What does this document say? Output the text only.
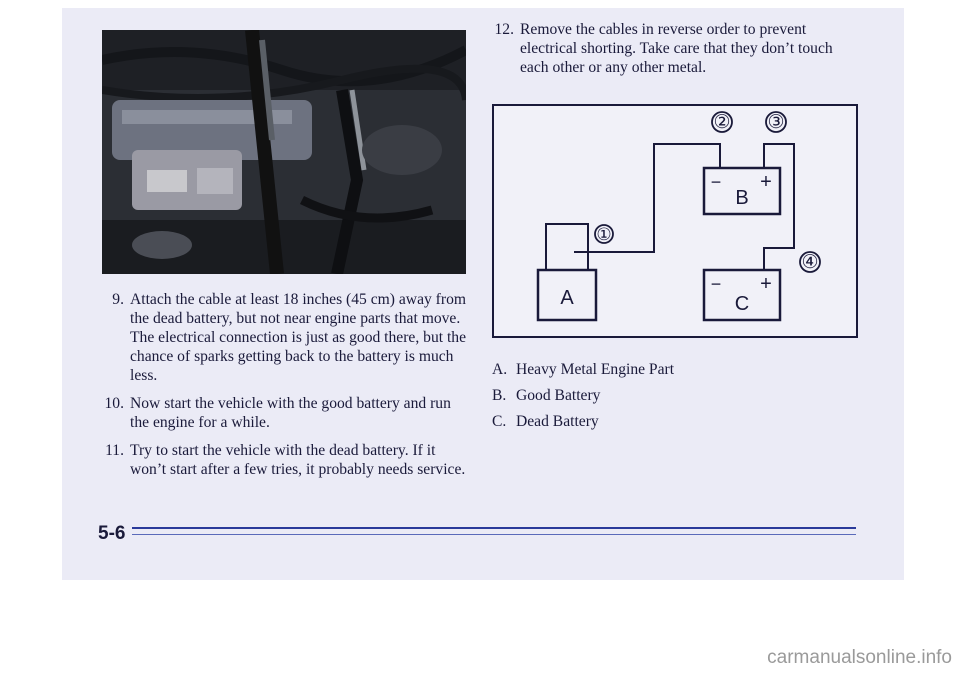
9. Attach the cable at least 18 inches (45 cm) away from the dead battery, but not near engine parts that move. The electrical connection is just as good there, but the chance of sparks getting back to the battery is much less.
10. Now start the vehicle with the good battery and run the engine for a while.
11. Try to start the vehicle with the dead battery. If it won’t start after a few tries, it probably needs service.
12. Remove the cables in reverse order to prevent electrical shorting. Take care that they don’t touch each other or any other metal.
①
② ③
④
A
B
C
− +
− +
A. Heavy Metal Engine Part
B. Good Battery
C. Dead Battery
5-6
carmanualsonline.info
